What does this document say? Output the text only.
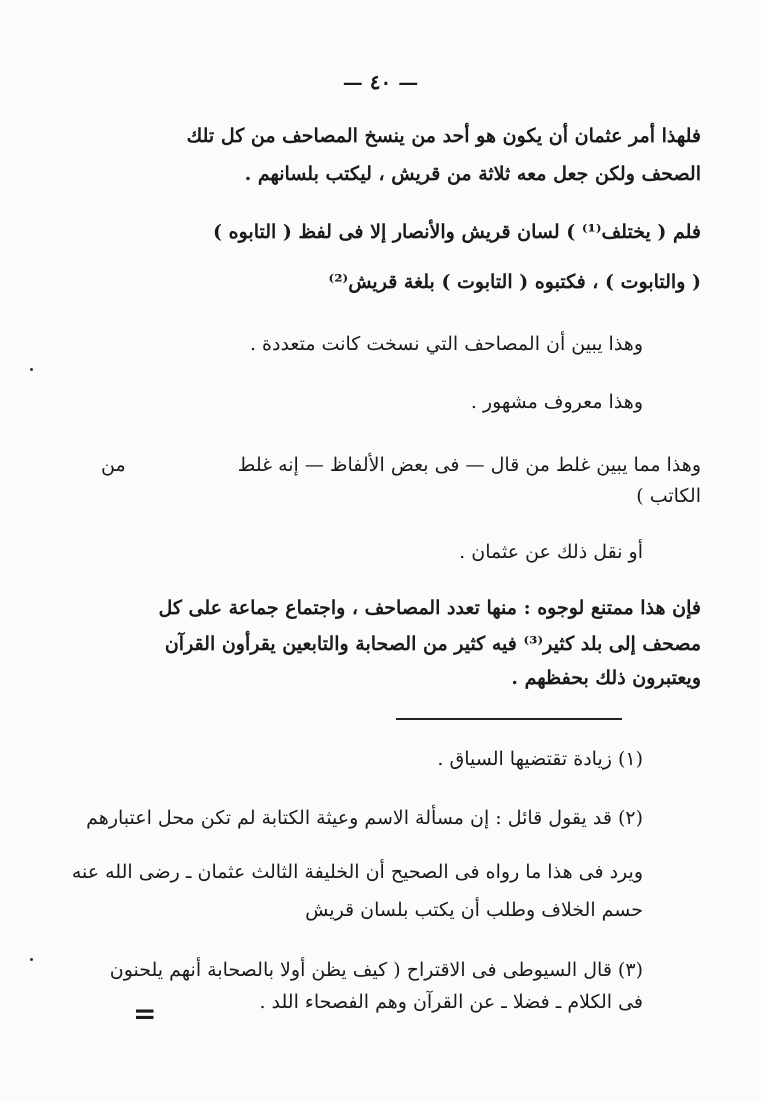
— ٤٠ —
فلهذا أمر عثمان أن يكون هو أحد من ينسخ المصاحف من كل تلك
الصحف ولكن جعل معه ثلاثة من قريش ، ليكتب بلسانهم .
فلم ( يختلف⁽¹⁾ ) لسان قريش والأنصار إلا فى لفظ ( التابوه )
( والتابوت ) ، فكتبوه ( التابوت ) بلغة قريش⁽²⁾
وهذا يبين أن المصاحف التي نسخت كانت متعددة .
وهذا معروف مشهور .
وهذا مما يبين غلط من قال — فى بعض الألفاظ — إنه غلط
من
الكاتب )
أو نقل ذلك عن عثمان .
فإن هذا ممتنع لوجوه : منها تعدد المصاحف ، واجتماع جماعة على كل
مصحف إلى بلد كثير⁽³⁾ فيه كثير من الصحابة والتابعين يقرأون القرآن
ويعتبرون ذلك بحفظهم .
(١) زيادة تقتضيها السياق .
(٢) قد يقول قائل : إن مسألة الاسم وعيثة الكتابة لم تكن محل اعتبارهم
ويرد فى هذا ما رواه فى الصحيح أن الخليفة الثالث عثمان ـ رضى الله عنه
حسم الخلاف وطلب أن يكتب بلسان قريش
(٣) قال السيوطى فى الاقتراح ( كيف يظن أولا بالصحابة أنهم يلحنون
فى الكلام ـ فضلا ـ عن القرآن وهم الفصحاء اللد .
=
